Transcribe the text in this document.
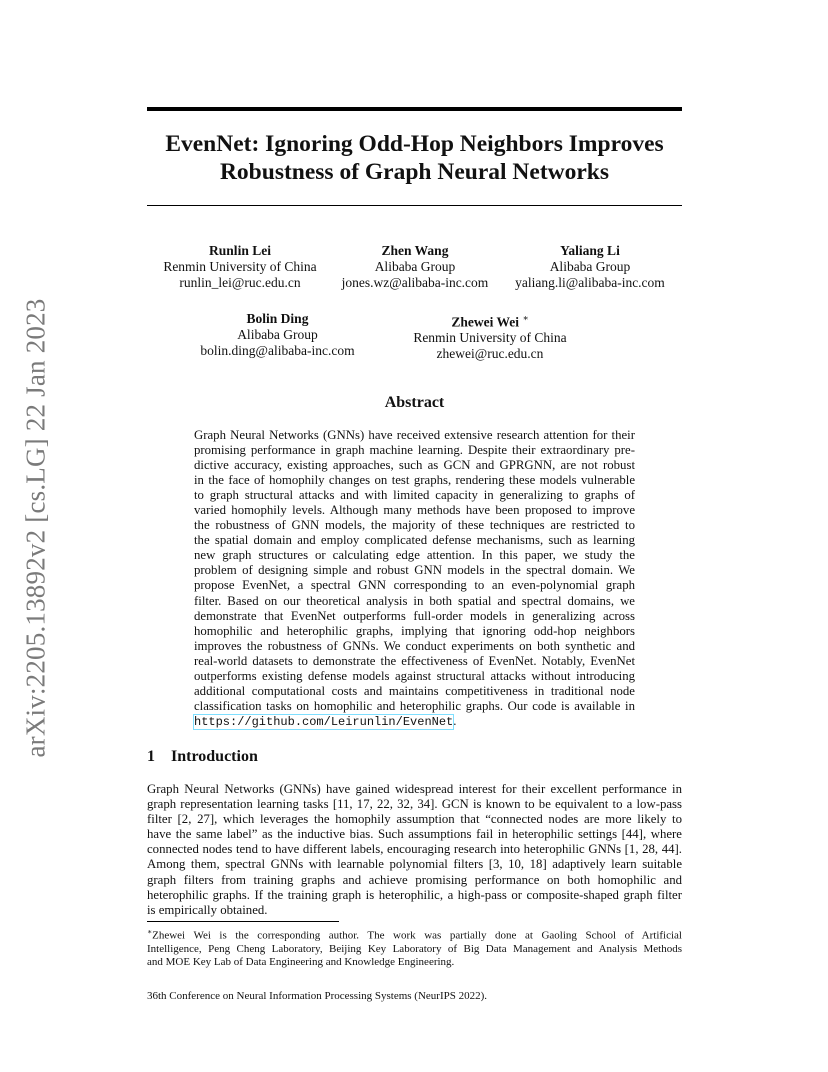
arXiv:2205.13892v2 [cs.LG] 22 Jan 2023
EvenNet: Ignoring Odd-Hop Neighbors Improves
Robustness of Graph Neural Networks
Runlin Lei
Renmin University of China
runlin_lei@ruc.edu.cn
Zhen Wang
Alibaba Group
jones.wz@alibaba-inc.com
Yaliang Li
Alibaba Group
yaliang.li@alibaba-inc.com
Bolin Ding
Alibaba Group
bolin.ding@alibaba-inc.com
Zhewei Wei ∗
Renmin University of China
zhewei@ruc.edu.cn
Abstract
Graph Neural Networks (GNNs) have received extensive research attention for their
promising performance in graph machine learning. Despite their extraordinary pre-
dictive accuracy, existing approaches, such as GCN and GPRGNN, are not robust
in the face of homophily changes on test graphs, rendering these models vulnerable
to graph structural attacks and with limited capacity in generalizing to graphs of
varied homophily levels. Although many methods have been proposed to improve
the robustness of GNN models, the majority of these techniques are restricted to
the spatial domain and employ complicated defense mechanisms, such as learning
new graph structures or calculating edge attention. In this paper, we study the
problem of designing simple and robust GNN models in the spectral domain. We
propose EvenNet, a spectral GNN corresponding to an even-polynomial graph
filter. Based on our theoretical analysis in both spatial and spectral domains, we
demonstrate that EvenNet outperforms full-order models in generalizing across
homophilic and heterophilic graphs, implying that ignoring odd-hop neighbors
improves the robustness of GNNs. We conduct experiments on both synthetic and
real-world datasets to demonstrate the effectiveness of EvenNet. Notably, EvenNet
outperforms existing defense models against structural attacks without introducing
additional computational costs and maintains competitiveness in traditional node
classification tasks on homophilic and heterophilic graphs. Our code is available in
https://github.com/Leirunlin/EvenNet.
1 Introduction
Graph Neural Networks (GNNs) have gained widespread interest for their excellent performance in
graph representation learning tasks [11, 17, 22, 32, 34]. GCN is known to be equivalent to a low-pass
filter [2, 27], which leverages the homophily assumption that “connected nodes are more likely to
have the same label” as the inductive bias. Such assumptions fail in heterophilic settings [44], where
connected nodes tend to have different labels, encouraging research into heterophilic GNNs [1, 28, 44].
Among them, spectral GNNs with learnable polynomial filters [3, 10, 18] adaptively learn suitable
graph filters from training graphs and achieve promising performance on both homophilic and
heterophilic graphs. If the training graph is heterophilic, a high-pass or composite-shaped graph filter
is empirically obtained.
∗Zhewei Wei is the corresponding author. The work was partially done at Gaoling School of Artificial
Intelligence, Peng Cheng Laboratory, Beijing Key Laboratory of Big Data Management and Analysis Methods
and MOE Key Lab of Data Engineering and Knowledge Engineering.

36th Conference on Neural Information Processing Systems (NeurIPS 2022).
